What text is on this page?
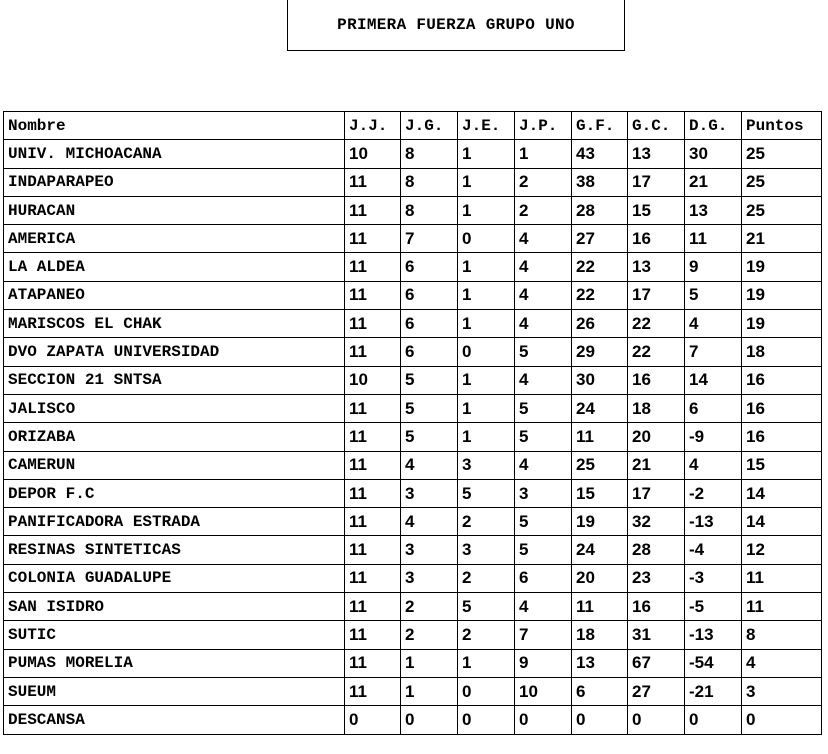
PRIMERA FUERZA GRUPO UNO
Nombre	J.J.	J.G.	J.E.	J.P.	G.F.	G.C.	D.G.	Puntos
UNIV. MICHOACANA	10	8	1	1	43	13	30	25
INDAPARAPEO	11	8	1	2	38	17	21	25
HURACAN	11	8	1	2	28	15	13	25
AMERICA	11	7	0	4	27	16	11	21
LA ALDEA	11	6	1	4	22	13	9	19
ATAPANEO	11	6	1	4	22	17	5	19
MARISCOS EL CHAK	11	6	1	4	26	22	4	19
DVO ZAPATA UNIVERSIDAD	11	6	0	5	29	22	7	18
SECCION 21 SNTSA	10	5	1	4	30	16	14	16
JALISCO	11	5	1	5	24	18	6	16
ORIZABA	11	5	1	5	11	20	-9	16
CAMERUN	11	4	3	4	25	21	4	15
DEPOR F.C	11	3	5	3	15	17	-2	14
PANIFICADORA ESTRADA	11	4	2	5	19	32	-13	14
RESINAS SINTETICAS	11	3	3	5	24	28	-4	12
COLONIA GUADALUPE	11	3	2	6	20	23	-3	11
SAN ISIDRO	11	2	5	4	11	16	-5	11
SUTIC	11	2	2	7	18	31	-13	8
PUMAS MORELIA	11	1	1	9	13	67	-54	4
SUEUM	11	1	0	10	6	27	-21	3
DESCANSA	0	0	0	0	0	0	0	0
